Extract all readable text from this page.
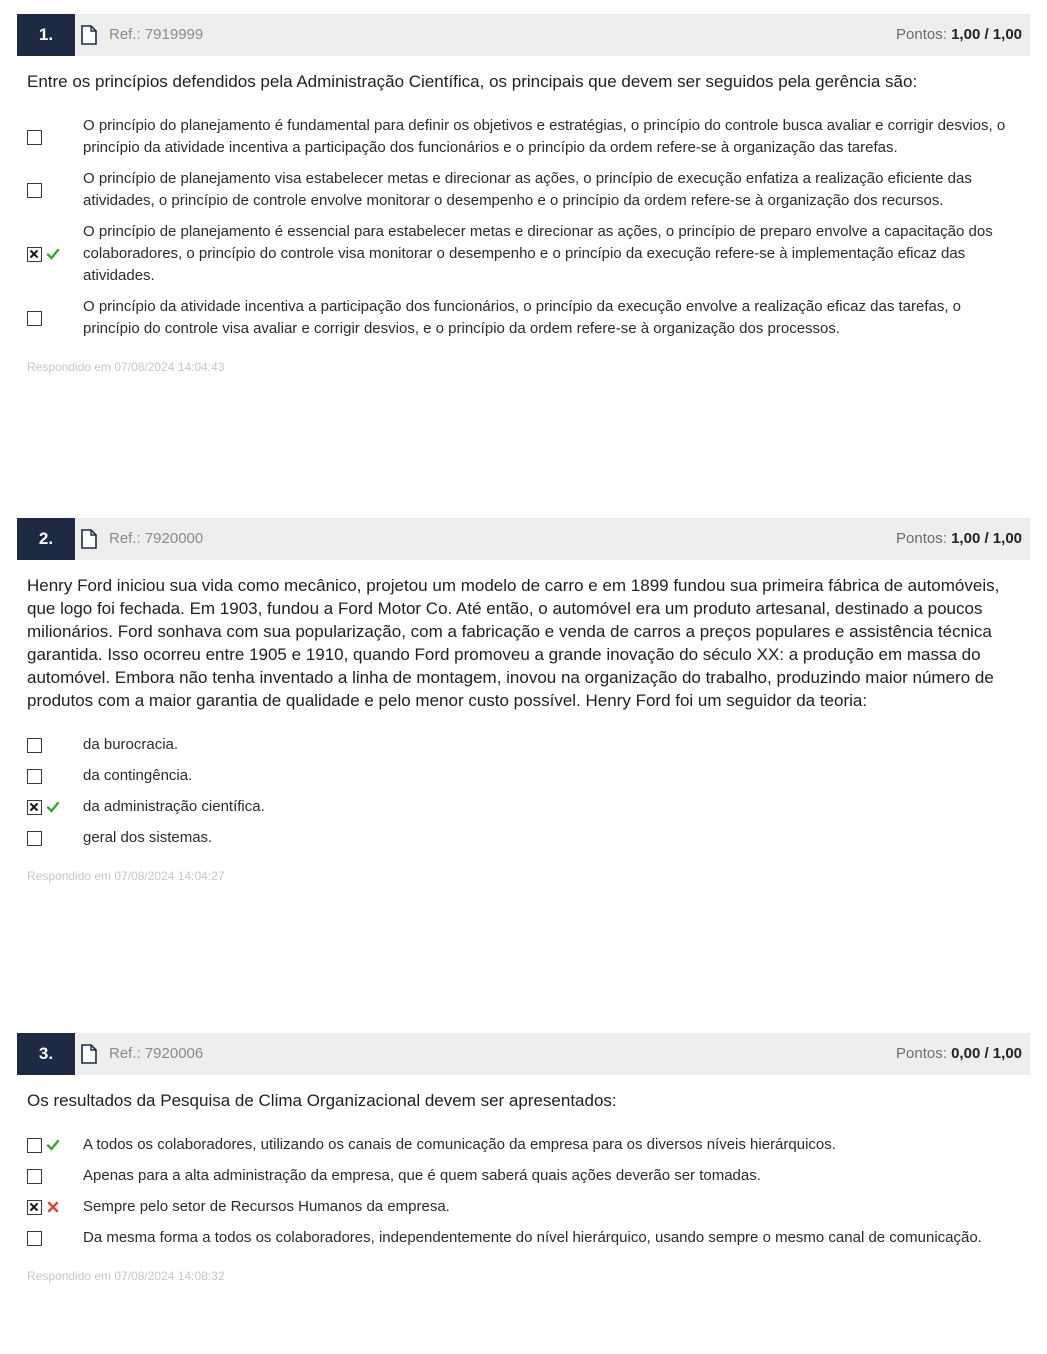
1.	Ref.: 7919999	Pontos: 1,00 / 1,00
Entre os princípios defendidos pela Administração Científica, os principais que devem ser seguidos pela gerência são:
O princípio do planejamento é fundamental para definir os objetivos e estratégias, o princípio do controle busca avaliar e corrigir desvios, o princípio da atividade incentiva a participação dos funcionários e o princípio da ordem refere-se à organização das tarefas.
O princípio de planejamento visa estabelecer metas e direcionar as ações, o princípio de execução enfatiza a realização eficiente das atividades, o princípio de controle envolve monitorar o desempenho e o princípio da ordem refere-se à organização dos recursos.
O princípio de planejamento é essencial para estabelecer metas e direcionar as ações, o princípio de preparo envolve a capacitação dos colaboradores, o princípio do controle visa monitorar o desempenho e o princípio da execução refere-se à implementação eficaz das atividades.
O princípio da atividade incentiva a participação dos funcionários, o princípio da execução envolve a realização eficaz das tarefas, o princípio do controle visa avaliar e corrigir desvios, e o princípio da ordem refere-se à organização dos processos.
Respondido em 07/08/2024 14:04:43
2.	Ref.: 7920000	Pontos: 1,00 / 1,00
Henry Ford iniciou sua vida como mecânico, projetou um modelo de carro e em 1899 fundou sua primeira fábrica de automóveis, que logo foi fechada. Em 1903, fundou a Ford Motor Co. Até então, o automóvel era um produto artesanal, destinado a poucos milionários. Ford sonhava com sua popularização, com a fabricação e venda de carros a preços populares e assistência técnica garantida. Isso ocorreu entre 1905 e 1910, quando Ford promoveu a grande inovação do século XX: a produção em massa do automóvel. Embora não tenha inventado a linha de montagem, inovou na organização do trabalho, produzindo maior número de produtos com a maior garantia de qualidade e pelo menor custo possível. Henry Ford foi um seguidor da teoria:
da burocracia.
da contingência.
da administração científica.
geral dos sistemas.
Respondido em 07/08/2024 14:04:27
3.	Ref.: 7920006	Pontos: 0,00 / 1,00
Os resultados da Pesquisa de Clima Organizacional devem ser apresentados:
A todos os colaboradores, utilizando os canais de comunicação da empresa para os diversos níveis hierárquicos.
Apenas para a alta administração da empresa, que é quem saberá quais ações deverão ser tomadas.
Sempre pelo setor de Recursos Humanos da empresa.
Da mesma forma a todos os colaboradores, independentemente do nível hierárquico, usando sempre o mesmo canal de comunicação.
Respondido em 07/08/2024 14:08:32
